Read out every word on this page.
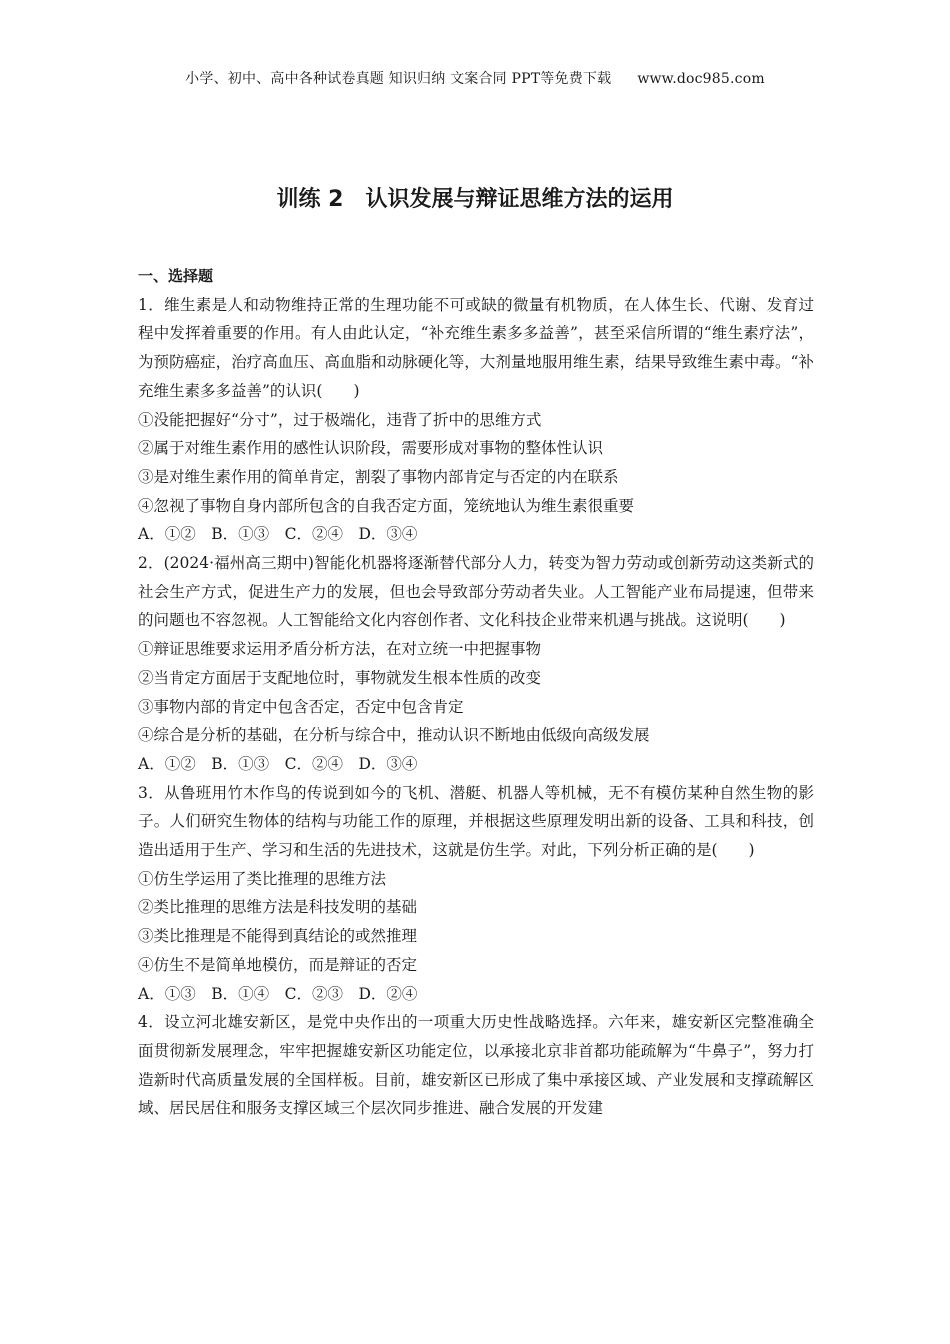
小学、初中、高中各种试卷真题 知识归纳 文案合同 PPT等免费下载 www.doc985.com
训练 2 认识发展与辩证思维方法的运用
一、选择题
1．维生素是人和动物维持正常的生理功能不可或缺的微量有机物质，在人体生长、代谢、发育过程中发挥着重要的作用。有人由此认定，“补充维生素多多益善”，甚至采信所谓的“维生素疗法”，为预防癌症，治疗高血压、高血脂和动脉硬化等，大剂量地服用维生素，结果导致维生素中毒。“补充维生素多多益善”的认识(　　)
①没能把握好“分寸”，过于极端化，违背了折中的思维方式
②属于对维生素作用的感性认识阶段，需要形成对事物的整体性认识
③是对维生素作用的简单肯定，割裂了事物内部肯定与否定的内在联系
④忽视了事物自身内部所包含的自我否定方面，笼统地认为维生素很重要
A．①②　B．①③　C．②④　D．③④
2．(2024·福州高三期中)智能化机器将逐渐替代部分人力，转变为智力劳动或创新劳动这类新式的社会生产方式，促进生产力的发展，但也会导致部分劳动者失业。人工智能产业布局提速，但带来的问题也不容忽视。人工智能给文化内容创作者、文化科技企业带来机遇与挑战。这说明(　　)
①辩证思维要求运用矛盾分析方法，在对立统一中把握事物
②当肯定方面居于支配地位时，事物就发生根本性质的改变
③事物内部的肯定中包含否定，否定中包含肯定
④综合是分析的基础，在分析与综合中，推动认识不断地由低级向高级发展
A．①②　B．①③　C．②④　D．③④
3．从鲁班用竹木作鸟的传说到如今的飞机、潜艇、机器人等机械，无不有模仿某种自然生物的影子。人们研究生物体的结构与功能工作的原理，并根据这些原理发明出新的设备、工具和科技，创造出适用于生产、学习和生活的先进技术，这就是仿生学。对此，下列分析正确的是(　　)
①仿生学运用了类比推理的思维方法
②类比推理的思维方法是科技发明的基础
③类比推理是不能得到真结论的或然推理
④仿生不是简单地模仿，而是辩证的否定
A．①③　B．①④　C．②③　D．②④
4．设立河北雄安新区，是党中央作出的一项重大历史性战略选择。六年来，雄安新区完整准确全面贯彻新发展理念，牢牢把握雄安新区功能定位，以承接北京非首都功能疏解为“牛鼻子”，努力打造新时代高质量发展的全国样板。目前，雄安新区已形成了集中承接区域、产业发展和支撑疏解区域、居民居住和服务支撑区域三个层次同步推进、融合发展的开发建
